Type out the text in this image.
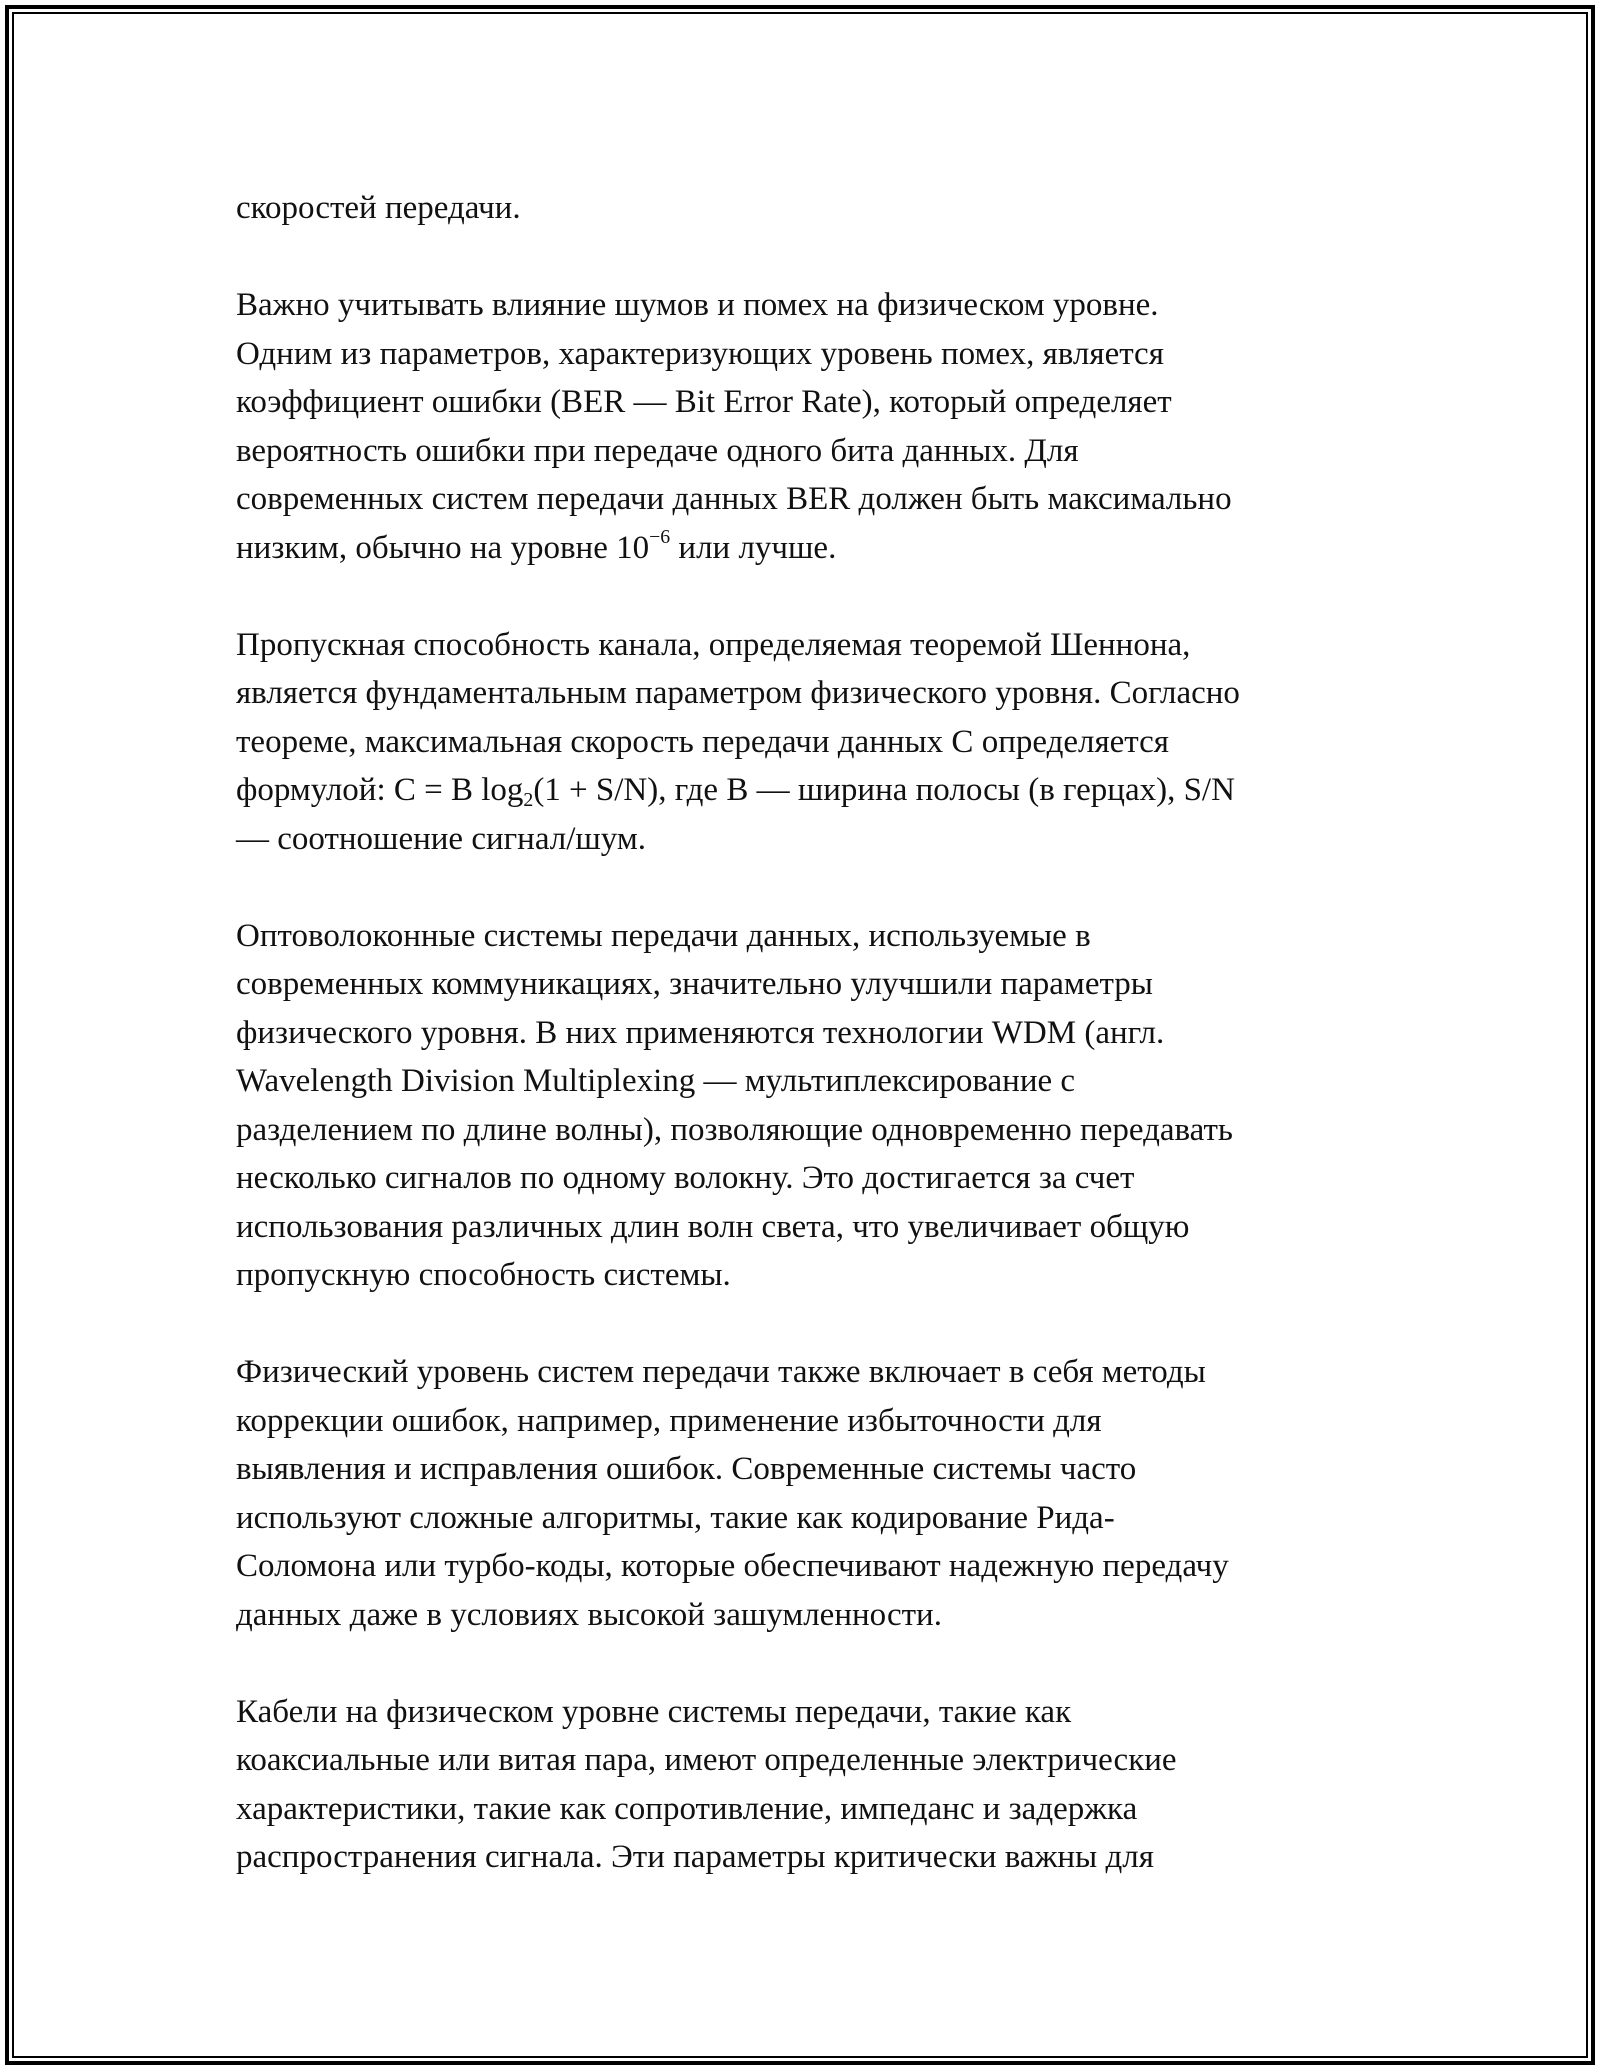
скоростей передачи.

Важно учитывать влияние шумов и помех на физическом уровне.
Одним из параметров, характеризующих уровень помех, является
коэффициент ошибки (BER — Bit Error Rate), который определяет
вероятность ошибки при передаче одного бита данных. Для
современных систем передачи данных BER должен быть максимально
низким, обычно на уровне $10^{-6}$ или лучше.

Пропускная способность канала, определяемая теоремой Шеннона,
является фундаментальным параметром физического уровня. Согласно
теореме, максимальная скорость передачи данных C определяется
формулой: C = B $\log_2(1 + S/N)$, где B — ширина полосы (в герцах), S/N
— соотношение сигнал/шум.

Оптоволоконные системы передачи данных, используемые в
современных коммуникациях, значительно улучшили параметры
физического уровня. В них применяются технологии WDM (англ.
Wavelength Division Multiplexing — мультиплексирование с
разделением по длине волны), позволяющие одновременно передавать
несколько сигналов по одному волокну. Это достигается за счет
использования различных длин волн света, что увеличивает общую
пропускную способность системы.

Физический уровень систем передачи также включает в себя методы
коррекции ошибок, например, применение избыточности для
выявления и исправления ошибок. Современные системы часто
используют сложные алгоритмы, такие как кодирование Рида-
Соломона или турбо-коды, которые обеспечивают надежную передачу
данных даже в условиях высокой зашумленности.

Кабели на физическом уровне системы передачи, такие как
коаксиальные или витая пара, имеют определенные электрические
характеристики, такие как сопротивление, импеданс и задержка
распространения сигнала. Эти параметры критически важны для
